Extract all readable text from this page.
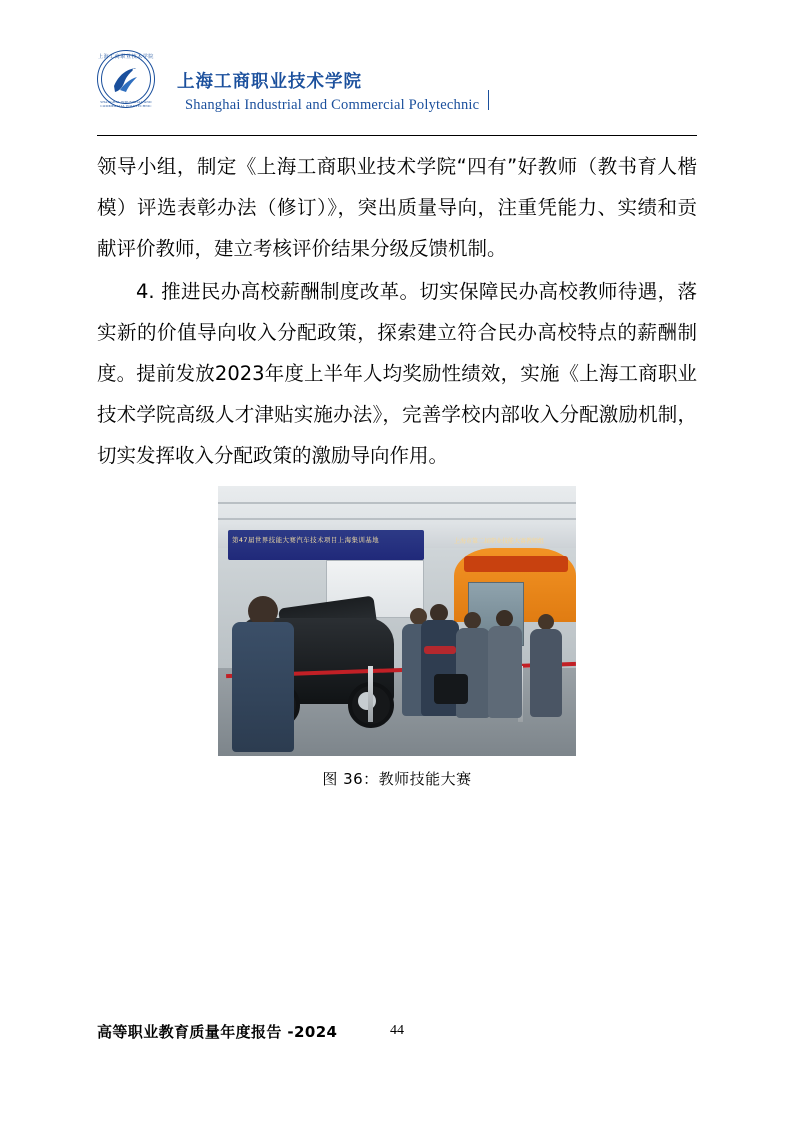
上海工商职业技术学院
SHANGHAI INDUSTRIAL AND COMMERCIAL POLYTECHNIC
上海工商职业技术学院
Shanghai Industrial and Commercial Polytechnic

领导小组，制定《上海工商职业技术学院“四有”好教师（教书育人楷模）评选表彰办法（修订）》，突出质量导向，注重凭能力、实绩和贡献评价教师，建立考核评价结果分级反馈机制。

4. 推进民办高校薪酬制度改革。切实保障民办高校教师待遇，落实新的价值导向收入分配政策，探索建立符合民办高校特点的薪酬制度。提前发放2023年度上半年人均奖励性绩效，实施《上海工商职业技术学院高级人才津贴实施办法》，完善学校内部收入分配激励机制，切实发挥收入分配政策的激励导向作用。

第47届世界技能大赛汽车技术项目上海集训基地	上海市第二届职业技能大赛教师组
图 36：教师技能大赛
高等职业教育质量年度报告 -2024	44
